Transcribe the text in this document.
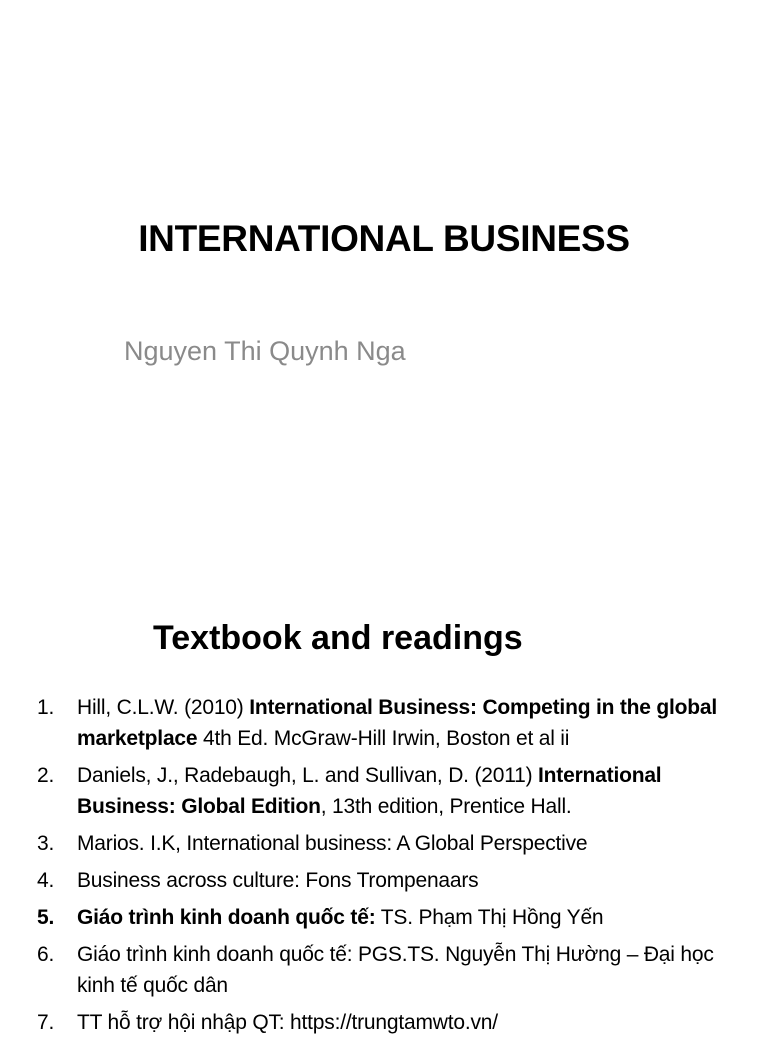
INTERNATIONAL BUSINESS
Nguyen Thi Quynh Nga
Textbook and readings
1. Hill, C.L.W. (2010) International Business: Competing in the global marketplace 4th Ed. McGraw-Hill Irwin, Boston et al ii
2. Daniels, J., Radebaugh, L. and Sullivan, D. (2011) International Business: Global Edition, 13th edition, Prentice Hall.
3. Marios. I.K, International business: A Global Perspective
4. Business across culture: Fons Trompenaars
5. Giáo trình kinh doanh quốc tế: TS. Phạm Thị Hồng Yến
6. Giáo trình kinh doanh quốc tế: PGS.TS. Nguyễn Thị Hường – Đại học kinh tế quốc dân
7. TT hỗ trợ hội nhập QT: https://trungtamwto.vn/
